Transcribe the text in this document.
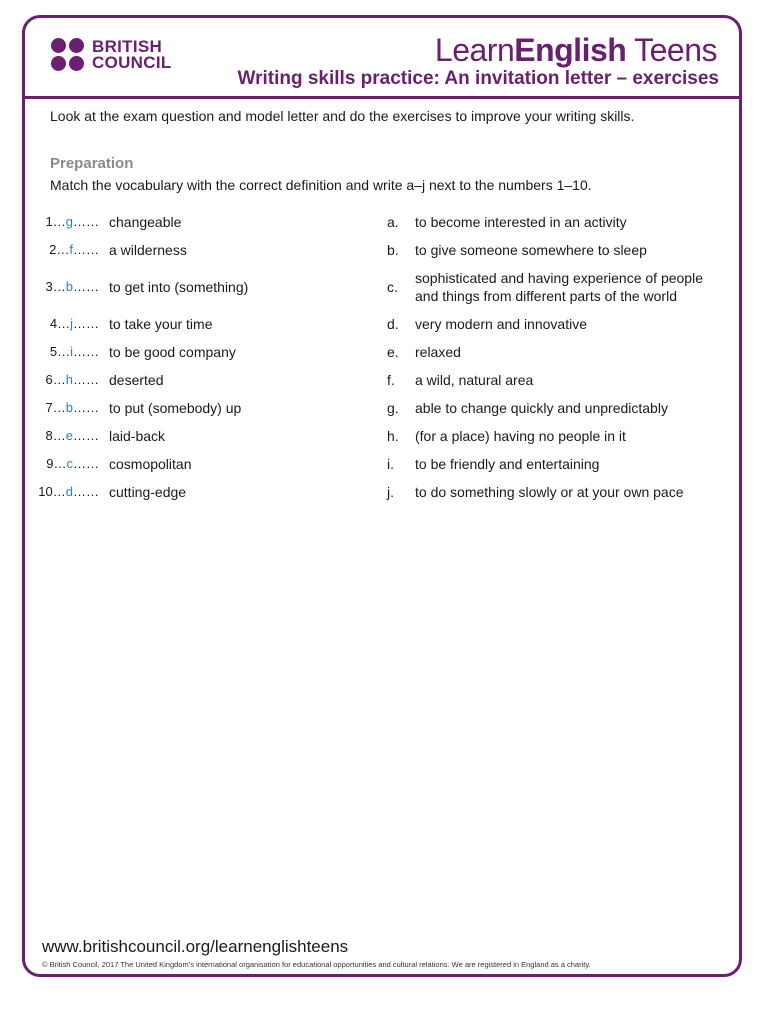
BRITISH
COUNCIL	LearnEnglish Teens
Writing skills practice: An invitation letter – exercises
Look at the exam question and model letter and do the exercises to improve your writing skills.
Preparation
Match the vocabulary with the correct definition and write a–j next to the numbers 1–10.
1…g…… changeable	a.	to become interested in an activity
2…f…… a wilderness	b.	to give someone somewhere to sleep
3…b…… to get into (something)	c.
sophisticated and having experience of people and things from different parts of the world
4…j…… to take your time	d.	very modern and innovative
5…i…… to be good company	e.	relaxed
6…h…… deserted	f.	a wild, natural area
7…b…… to put (somebody) up	g.	able to change quickly and unpredictably
8…e…… laid-back	h.	(for a place) having no people in it
9…c…… cosmopolitan	i.	to be friendly and entertaining
10…d…… cutting-edge	j.	to do something slowly or at your own pace
www.britishcouncil.org/learnenglishteens
© British Council, 2017 The United Kingdom’s international organisation for educational opportunities and cultural relations. We are registered in England as a charity.
